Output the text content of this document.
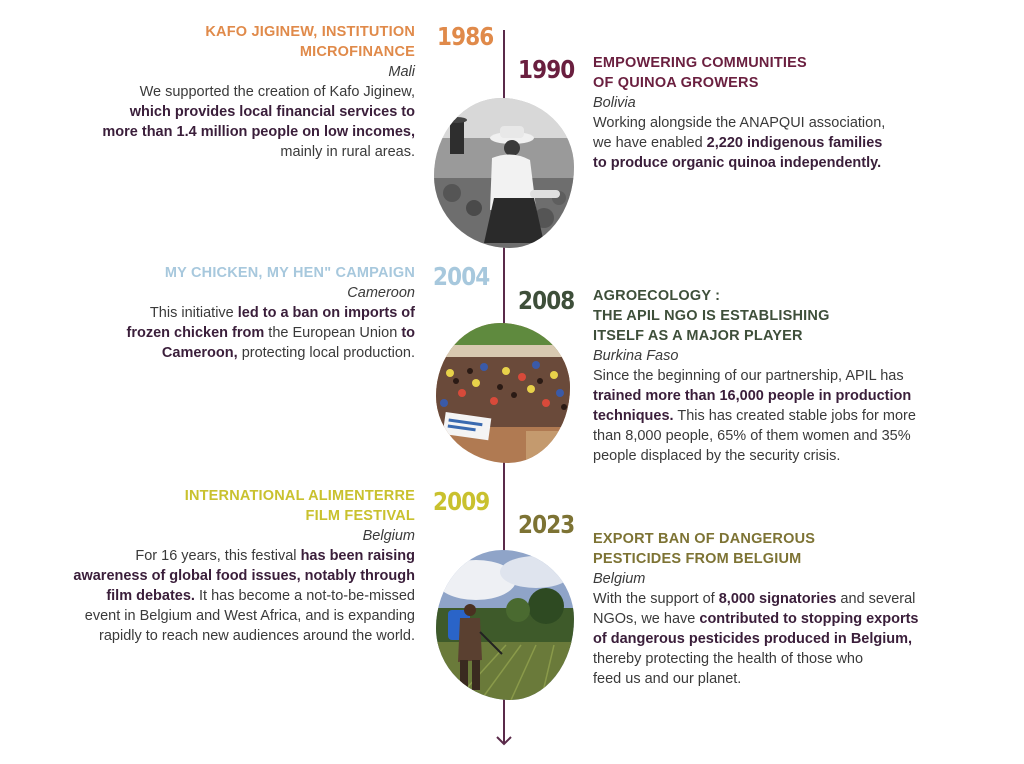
1986
1990
2004
2008
2009
2023
KAFO JIGINEW, INSTITUTION
MICROFINANCE
Mali
We supported the creation of Kafo Jiginew,
which provides local financial services to
more than 1.4 million people on low incomes,
mainly in rural areas.
EMPOWERING COMMUNITIES
OF QUINOA GROWERS
Bolivia
Working alongside the ANAPQUI association,
we have enabled 2,220 indigenous families
to produce organic quinoa independently.
MY CHICKEN, MY HEN" CAMPAIGN
Cameroon
This initiative led to a ban on imports of
frozen chicken from the European Union to
Cameroon, protecting local production.
AGROECOLOGY :
THE APIL NGO IS ESTABLISHING
ITSELF AS A MAJOR PLAYER
Burkina Faso
Since the beginning of our partnership, APIL has
trained more than 16,000 people in production
techniques. This has created stable jobs for more
than 8,000 people, 65% of them women and 35%
people displaced by the security crisis.
INTERNATIONAL ALIMENTERRE
FILM FESTIVAL
Belgium
For 16 years, this festival has been raising
awareness of global food issues, notably through
film debates. It has become a not-to-be-missed
event in Belgium and West Africa, and is expanding
rapidly to reach new audiences around the world.
EXPORT BAN OF DANGEROUS
PESTICIDES FROM BELGIUM
Belgium
With the support of 8,000 signatories and several
NGOs, we have contributed to stopping exports
of dangerous pesticides produced in Belgium,
thereby protecting the health of those who
feed us and our planet.
